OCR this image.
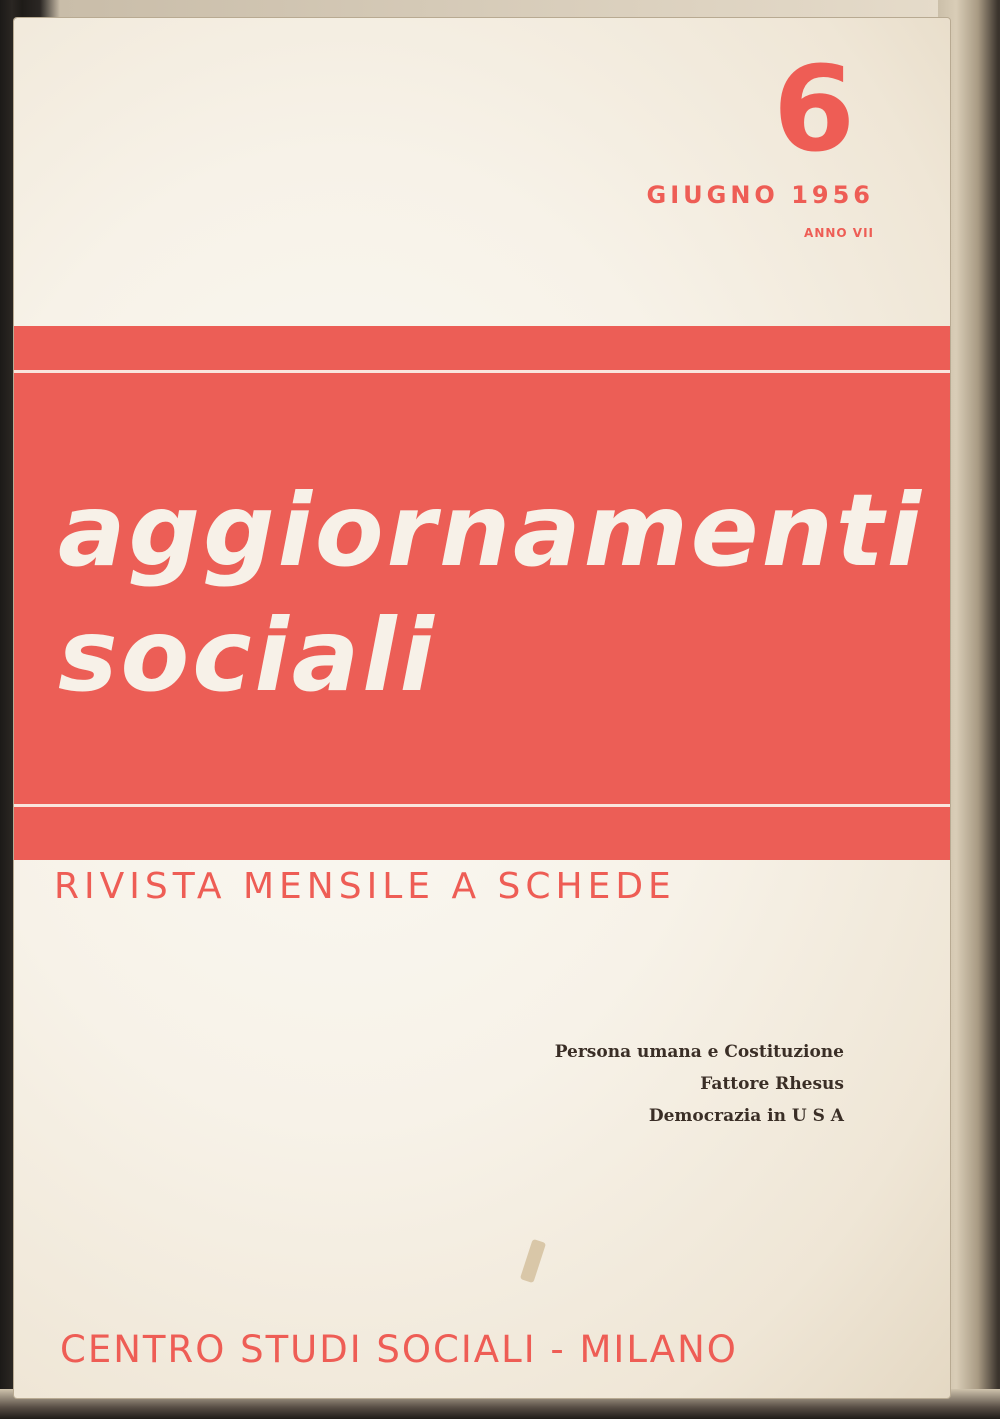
6
GIUGNO 1956
ANNO VII
aggiornamenti
sociali
RIVISTA MENSILE A SCHEDE
Persona umana e Costituzione
Fattore Rhesus
Democrazia in U S A
CENTRO STUDI SOCIALI - MILANO
